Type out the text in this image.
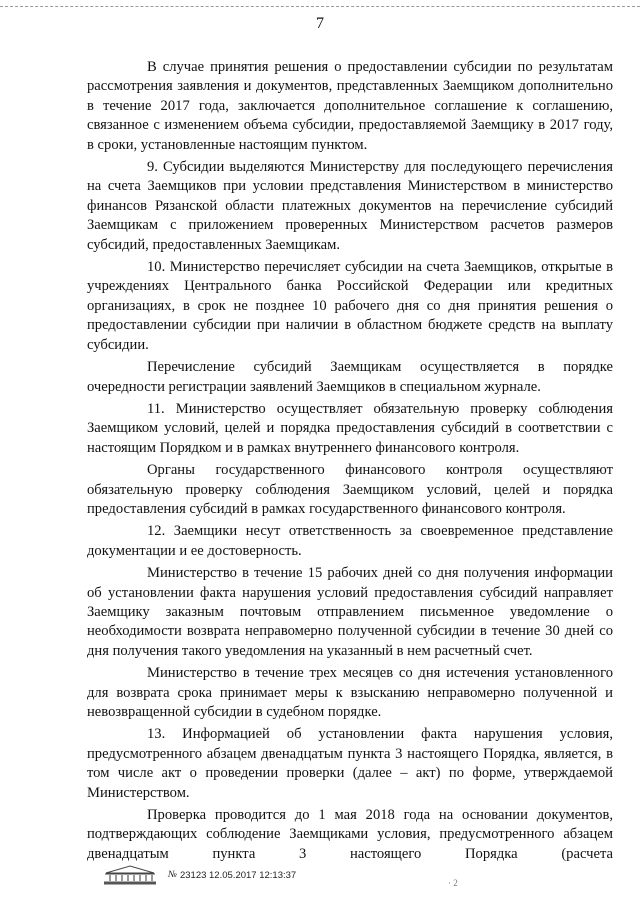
7

В случае принятия решения о предоставлении субсидии по результатам рассмотрения заявления и документов, представленных Заемщиком дополнительно в течение 2017 года, заключается дополнительное соглашение к соглашению, связанное с изменением объема субсидии, предоставляемой Заемщику в 2017 году, в сроки, установленные настоящим пунктом.

9. Субсидии выделяются Министерству для последующего перечисления на счета Заемщиков при условии представления Министерством в министерство финансов Рязанской области платежных документов на перечисление субсидий Заемщикам с приложением проверенных Министерством расчетов размеров субсидий, предоставленных Заемщикам.

10. Министерство перечисляет субсидии на счета Заемщиков, открытые в учреждениях Центрального банка Российской Федерации или кредитных организациях, в срок не позднее 10 рабочего дня со дня принятия решения о предоставлении субсидии при наличии в областном бюджете средств на выплату субсидии.

Перечисление субсидий Заемщикам осуществляется в порядке очередности регистрации заявлений Заемщиков в специальном журнале.

11. Министерство осуществляет обязательную проверку соблюдения Заемщиком условий, целей и порядка предоставления субсидий в соответствии с настоящим Порядком и в рамках внутреннего финансового контроля.

Органы государственного финансового контроля осуществляют обязательную проверку соблюдения Заемщиком условий, целей и порядка предоставления субсидий в рамках государственного финансового контроля.

12. Заемщики несут ответственность за своевременное представление документации и ее достоверность.

Министерство в течение 15 рабочих дней со дня получения информации об установлении факта нарушения условий предоставления субсидий направляет Заемщику заказным почтовым отправлением письменное уведомление о необходимости возврата неправомерно полученной субсидии в течение 30 дней со дня получения такого уведомления на указанный в нем расчетный счет.

Министерство в течение трех месяцев со дня истечения установленного для возврата срока принимает меры к взысканию неправомерно полученной и невозвращенной субсидии в судебном порядке.

13. Информацией об установлении факта нарушения условия, предусмотренного абзацем двенадцатым пункта 3 настоящего Порядка, является, в том числе акт о проведении проверки (далее – акт) по форме, утверждаемой Министерством.

Проверка проводится до 1 мая 2018 года на основании документов, подтверждающих соблюдение Заемщиками условия, предусмотренного абзацем двенадцатым пункта 3 настоящего Порядка (расчета

№ 23123 12.05.2017 12:13:37
· 2
